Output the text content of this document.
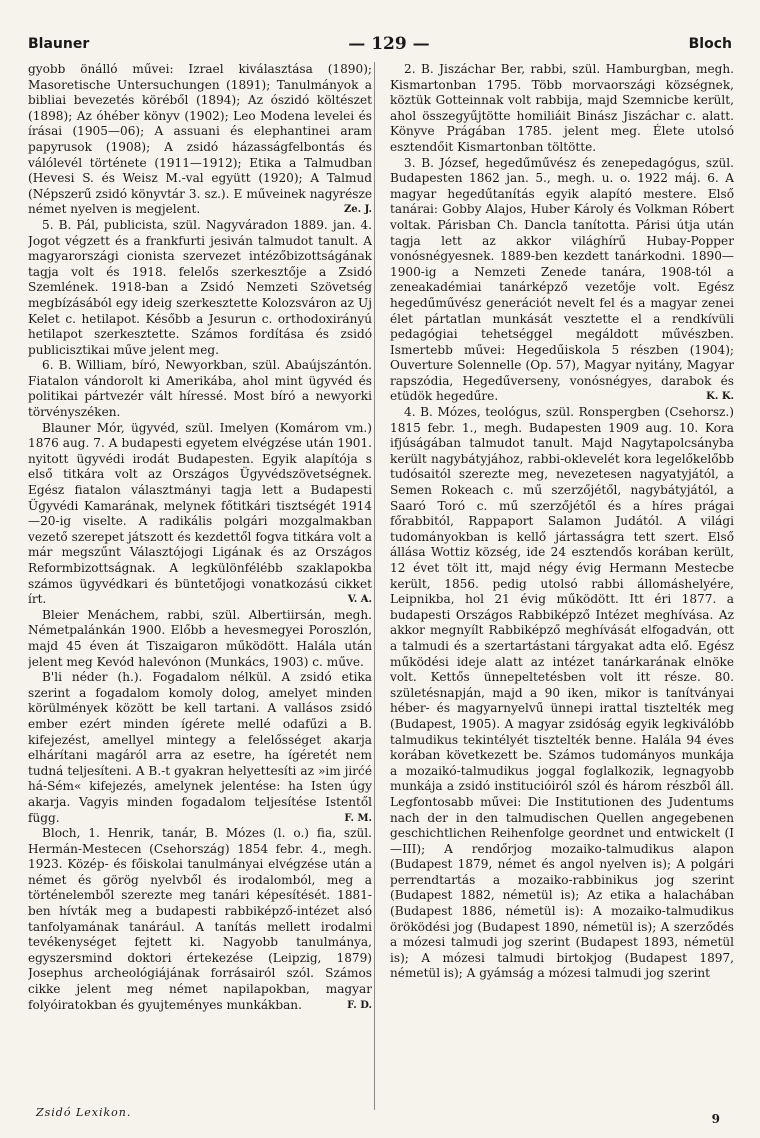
Blauner	— 129 —	Bloch

gyobb önálló művei: Izrael kiválasztása (1890); Masoretische Untersuchungen (1891); Tanulmányok a bibliai bevezetés köréből (1894); Az ószidó költészet (1898); Az óhéber könyv (1902); Leo Modena levelei és írásai (1905—06); A assuani és elephantinei aram papyrusok (1908); A zsidó házasságfelbontás és válólevél története (1911—1912); Etika a Talmudban (Hevesi S. és Weisz M.-val együtt (1920); A Talmud (Népszerű zsidó könyvtár 3. sz.). E műveinek nagyrésze német nyelven is megjelent.	Ze. J.

5. B. Pál, publicista, szül. Nagyváradon 1889. jan. 4. Jogot végzett és a frankfurti jesiván talmudot tanult. A magyarországi cionista szervezet intézőbizottságának tagja volt és 1918. felelős szerkesztője a Zsidó Szemlének. 1918-ban a Zsidó Nemzeti Szövetség megbízásából egy ideig szerkesztette Kolozsváron az Uj Kelet c. hetilapot. Később a Jesurun c. orthodoxirányú hetilapot szerkesztette. Számos fordítása és zsidó publicisztikai műve jelent meg.

6. B. William, bíró, Newyorkban, szül. Abaújszántón. Fiatalon vándorolt ki Amerikába, ahol mint ügyvéd és politikai pártvezér vált híressé. Most bíró a newyorki törvényszéken.

Blauner Mór, ügyvéd, szül. Imelyen (Komárom vm.) 1876 aug. 7. A budapesti egyetem elvégzése után 1901. nyitott ügyvédi irodát Budapesten. Egyik alapítója s első titkára volt az Országos Ügyvédszövetségnek. Egész fiatalon választmányi tagja lett a Budapesti Ügyvédi Kamarának, melynek főtitkári tisztségét 1914—20-ig viselte. A radikális polgári mozgalmakban vezető szerepet játszott és kezdettől fogva titkára volt a már megszűnt Választójogi Ligának és az Országos Reformbizottságnak. A legkülönfélébb szaklapokba számos ügyvédkari és büntetőjogi vonatkozású cikket írt.	V. A.

Bleier Menáchem, rabbi, szül. Albertiirsán, megh. Németpalánkán 1900. Előbb a hevesmegyei Poroszlón, majd 45 éven át Tiszaigaron működött. Halála után jelent meg Kevód halevónon (Munkács, 1903) c. műve.

B'li néder (h.). Fogadalom nélkül. A zsidó etika szerint a fogadalom komoly dolog, amelyet minden körülmények között be kell tartani. A vallásos zsidó ember ezért minden ígérete mellé odafűzi a B. kifejezést, amellyel mintegy a felelősséget akarja elhárítani magáról arra az esetre, ha ígéretét nem tudná teljesíteni. A B.-t gyakran helyettesíti az »im jirćé há-Sém« kifejezés, amelynek jelentése: ha Isten úgy akarja. Vagyis minden fogadalom teljesítése Istentől függ.	F. M.

Bloch, 1. Henrik, tanár, B. Mózes (l. o.) fia, szül. Hermán-Mestecen (Csehország) 1854 febr. 4., megh. 1923. Közép- és főiskolai tanulmányai elvégzése után a német és görög nyelvből és irodalomból, meg a történelemből szerezte meg tanári képesítését. 1881-ben hívták meg a budapesti rabbiképző-intézet alsó tanfolyamának tanárául. A tanítás mellett irodalmi tevékenységet fejtett ki. Nagyobb tanulmánya, egyszersmind doktori értekezése (Leipzig, 1879) Josephus archeológiájának forrásairól szól. Számos cikke jelent meg német napilapokban, magyar folyóiratokban és gyujteményes munkákban.	F. D.

2. B. Jiszáchar Ber, rabbi, szül. Hamburgban, megh. Kismartonban 1795. Több morvaországi községnek, köztük Gotteinnak volt rabbija, majd Szemnicbe került, ahol összegyűjtötte homiliáit Binász Jiszáchar c. alatt. Könyve Prágában 1785. jelent meg. Élete utolsó esztendőit Kismartonban töltötte.

3. B. József, hegedűművész és zenepedagógus, szül. Budapesten 1862 jan. 5., megh. u. o. 1922 máj. 6. A magyar hegedűtanítás egyik alapító mestere. Első tanárai: Gobby Alajos, Huber Károly és Volkman Róbert voltak. Párisban Ch. Dancla tanította. Párisi útja után tagja lett az akkor világhírű Hubay-Popper vonósnégyesnek. 1889-ben kezdett tanárkodni. 1890—1900-ig a Nemzeti Zenede tanára, 1908-tól a zeneakadémiai tanárképző vezetője volt. Egész hegedűművész generációt nevelt fel és a magyar zenei élet pártatlan munkását vesztette el a rendkívüli pedagógiai tehetséggel megáldott művészben. Ismertebb művei: Hegedűiskola 5 részben (1904); Ouverture Solennelle (Op. 57), Magyar nyitány, Magyar rapszódia, Hegedűverseny, vonósnégyes, darabok és etüdök hegedűre.	K. K.

4. B. Mózes, teológus, szül. Ronspergben (Csehorsz.) 1815 febr. 1., megh. Budapesten 1909 aug. 10. Kora ifjúságában talmudot tanult. Majd Nagytapolcsányba került nagybátyjához, rabbi-oklevelét kora legelőkelőbb tudósaitól szerezte meg, nevezetesen nagyatyjától, a Semen Rokeach c. mű szerzőjétől, nagybátyjától, a Saaró Toró c. mű szerzőjétől és a híres prágai főrabbitól, Rappaport Salamon Judától. A világi tudományokban is kellő jártasságra tett szert. Első állása Wottiz község, ide 24 esztendős korában került, 12 évet tölt itt, majd négy évig Hermann Mestecbe került, 1856. pedig utolsó rabbi állomáshelyére, Leipnikba, hol 21 évig működött. Itt éri 1877. a budapesti Országos Rabbiképző Intézet meghívása. Az akkor megnyílt Rabbiképző meghívását elfogadván, ott a talmudi és a szertartástani tárgyakat adta elő. Egész működési ideje alatt az intézet tanárkarának elnöke volt. Kettős ünnepeltetésben volt itt része. 80. születésnapján, majd a 90 iken, mikor is tanítványai héber- és magyarnyelvű ünnepi irattal tisztelték meg (Budapest, 1905). A magyar zsidóság egyik legkiválóbb talmudikus tekintélyét tisztelték benne. Halála 94 éves korában következett be. Számos tudományos munkája a mozaikó-talmudikus joggal foglalkozik, legnagyobb munkája a zsidó institucióiról szól és három részből áll. Legfontosabb művei: Die Institutionen des Judentums nach der in den talmudischen Quellen angegebenen geschichtlichen Reihenfolge geordnet und entwickelt (I—III); A rendőrjog mozaiko-talmudikus alapon (Budapest 1879, német és angol nyelven is); A polgári perrendtartás a mozaiko-rabbinikus jog szerint (Budapest 1882, németül is); Az etika a halachában (Budapest 1886, németül is): A mozaiko-talmudikus öröködési jog (Budapest 1890, németül is); A szerződés a mózesi talmudi jog szerint (Budapest 1893, németül is); A mózesi talmudi birtokjog (Budapest 1897, németül is); A gyámság a mózesi talmudi jog szerint

Zsidó Lexikon.	9
